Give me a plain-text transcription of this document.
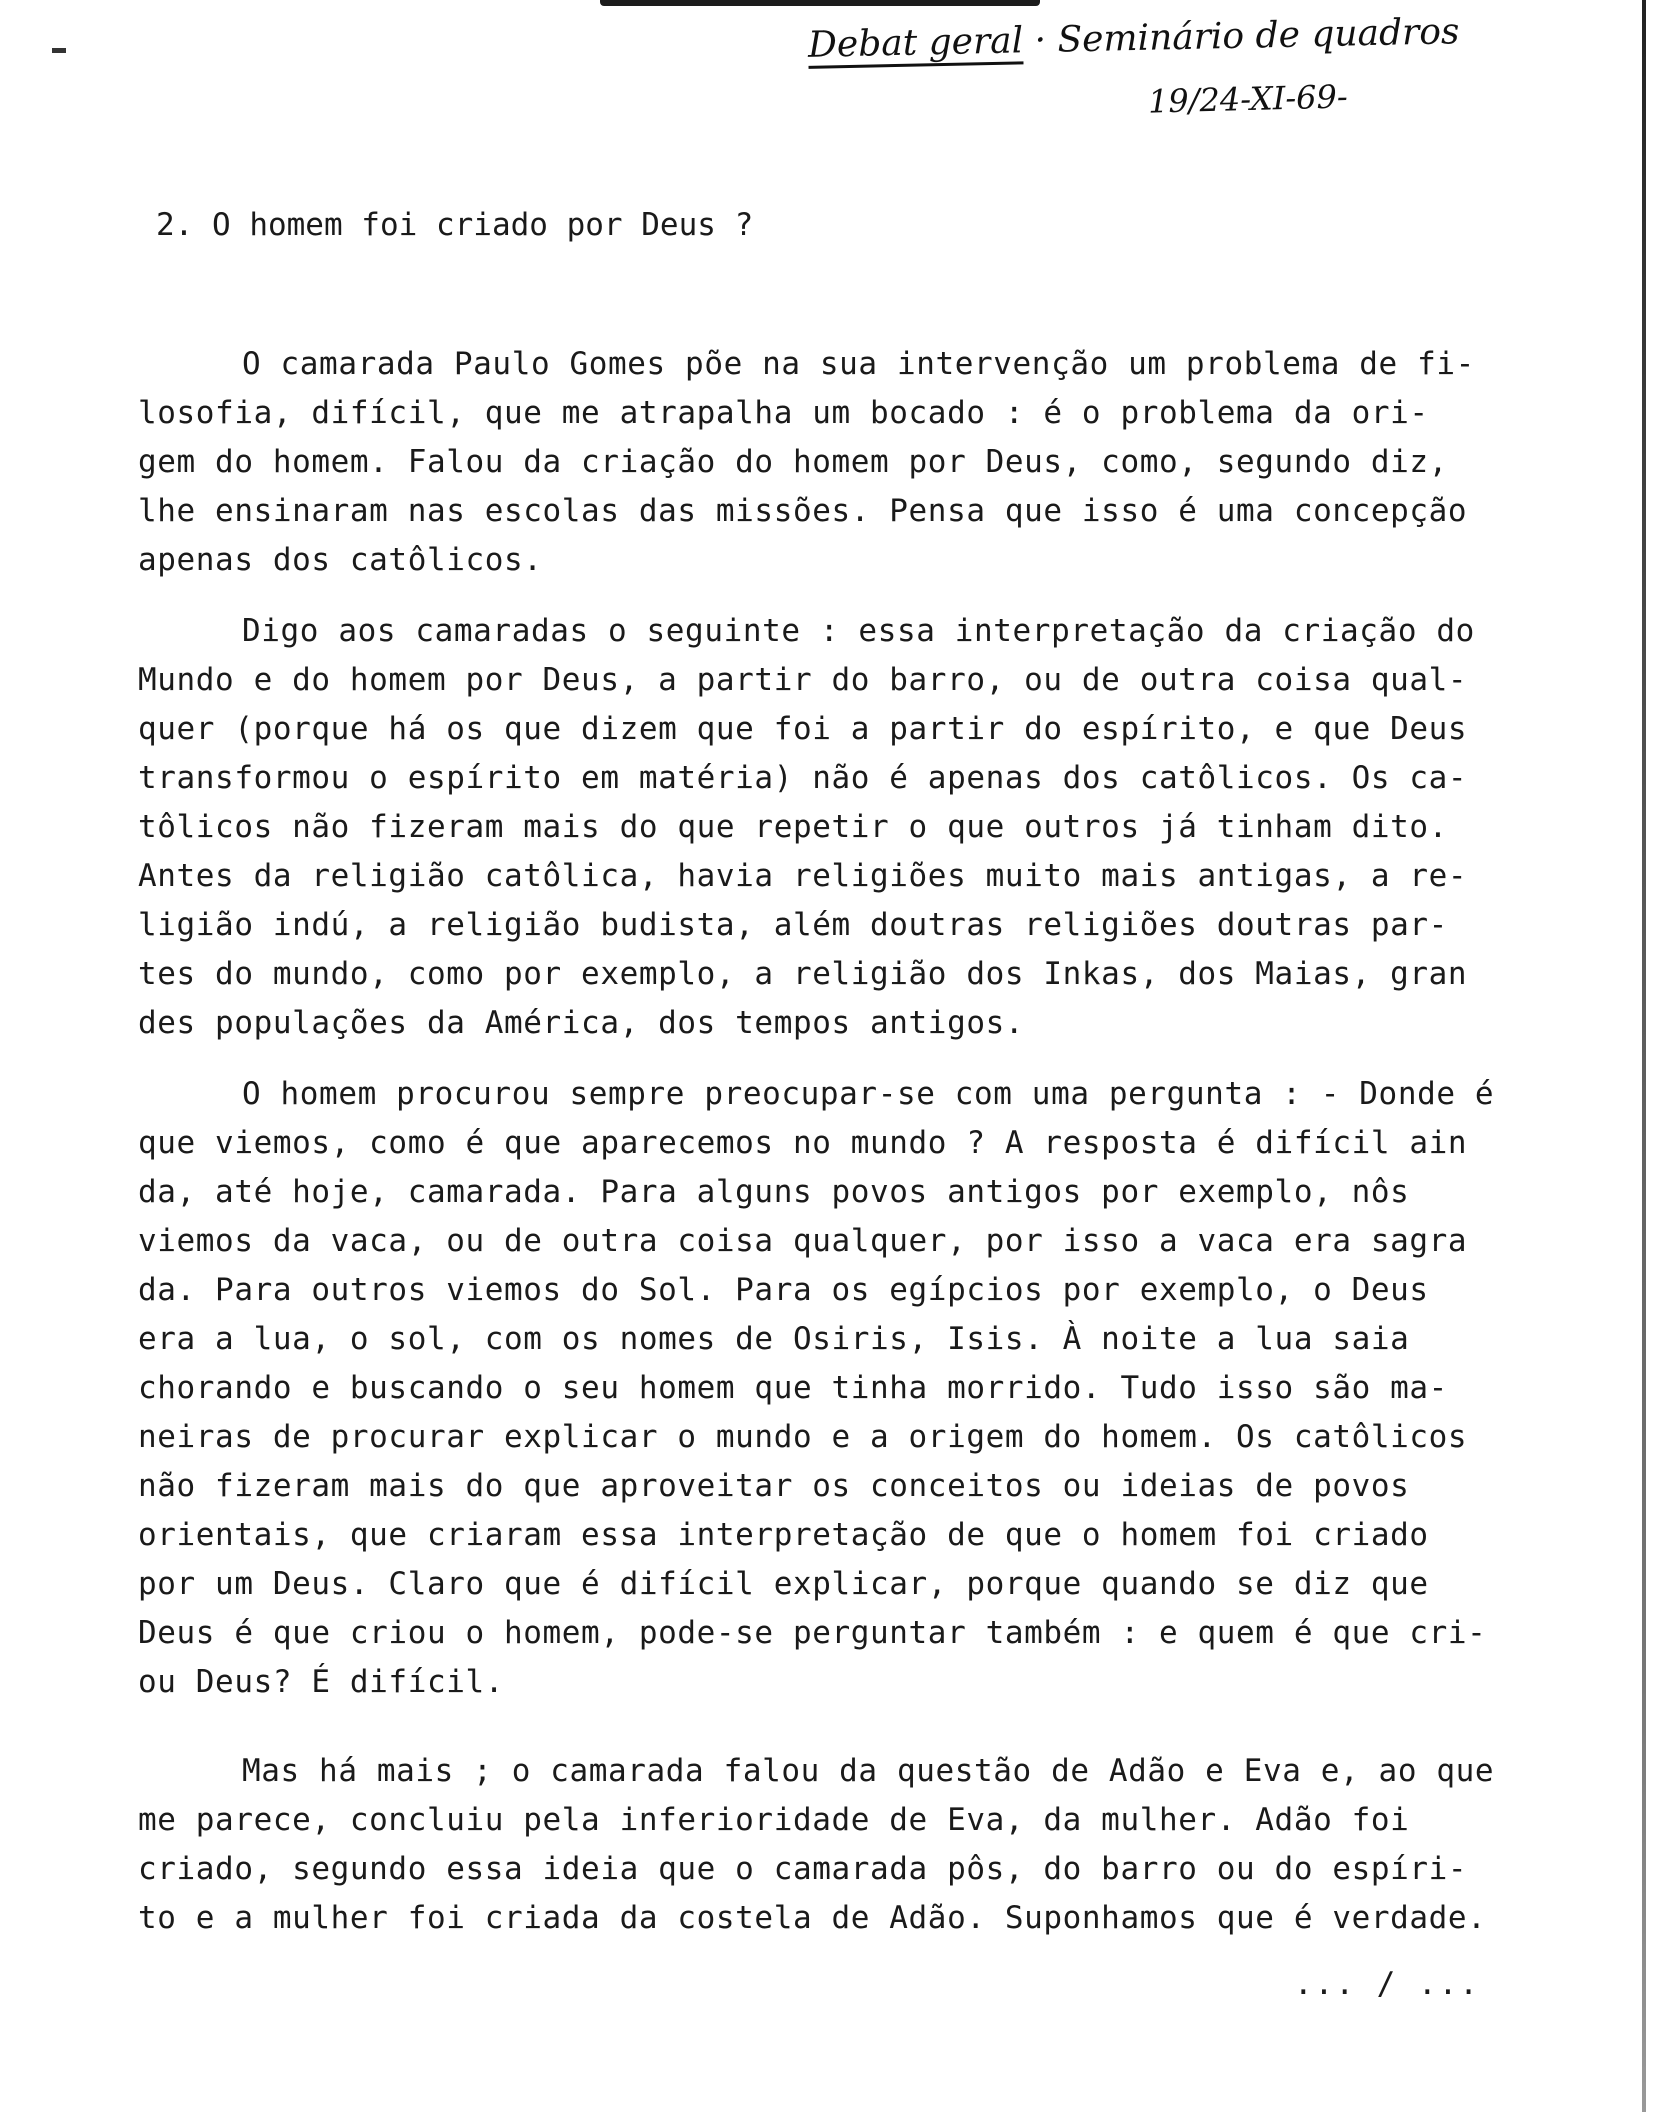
Debat geral · Seminário de quadros
19/24-XI-69-
2. O homem foi criado por Deus ?
O camarada Paulo Gomes põe na sua intervenção um problema de fi-
losofia, difícil, que me atrapalha um bocado : é o problema da ori-
gem do homem. Falou da criação do homem por Deus, como, segundo diz,
lhe ensinaram nas escolas das missões. Pensa que isso é uma concepção
apenas dos catôlicos.
Digo aos camaradas o seguinte : essa interpretação da criação do
Mundo e do homem por Deus, a partir do barro, ou de outra coisa qual-
quer (porque há os que dizem que foi a partir do espírito, e que Deus
transformou o espírito em matéria) não é apenas dos catôlicos. Os ca-
tôlicos não fizeram mais do que repetir o que outros já tinham dito.
Antes da religião catôlica, havia religiões muito mais antigas, a re-
ligião indú, a religião budista, além doutras religiões doutras par-
tes do mundo, como por exemplo, a religião dos Inkas, dos Maias, gran
des populações da América, dos tempos antigos.
O homem procurou sempre preocupar-se com uma pergunta : - Donde é
que viemos, como é que aparecemos no mundo ? A resposta é difícil ain
da, até hoje, camarada. Para alguns povos antigos por exemplo, nôs
viemos da vaca, ou de outra coisa qualquer, por isso a vaca era sagra
da. Para outros viemos do Sol. Para os egípcios por exemplo, o Deus
era a lua, o sol, com os nomes de Osiris, Isis. À noite a lua saia
chorando e buscando o seu homem que tinha morrido. Tudo isso são ma-
neiras de procurar explicar o mundo e a origem do homem. Os catôlicos
não fizeram mais do que aproveitar os conceitos ou ideias de povos
orientais, que criaram essa interpretação de que o homem foi criado
por um Deus. Claro que é difícil explicar, porque quando se diz que
Deus é que criou o homem, pode-se perguntar também : e quem é que cri-
ou Deus? É difícil.
Mas há mais ; o camarada falou da questão de Adão e Eva e, ao que
me parece, concluiu pela inferioridade de Eva, da mulher. Adão foi
criado, segundo essa ideia que o camarada pôs, do barro ou do espíri-
to e a mulher foi criada da costela de Adão. Suponhamos que é verdade.
... / ...
